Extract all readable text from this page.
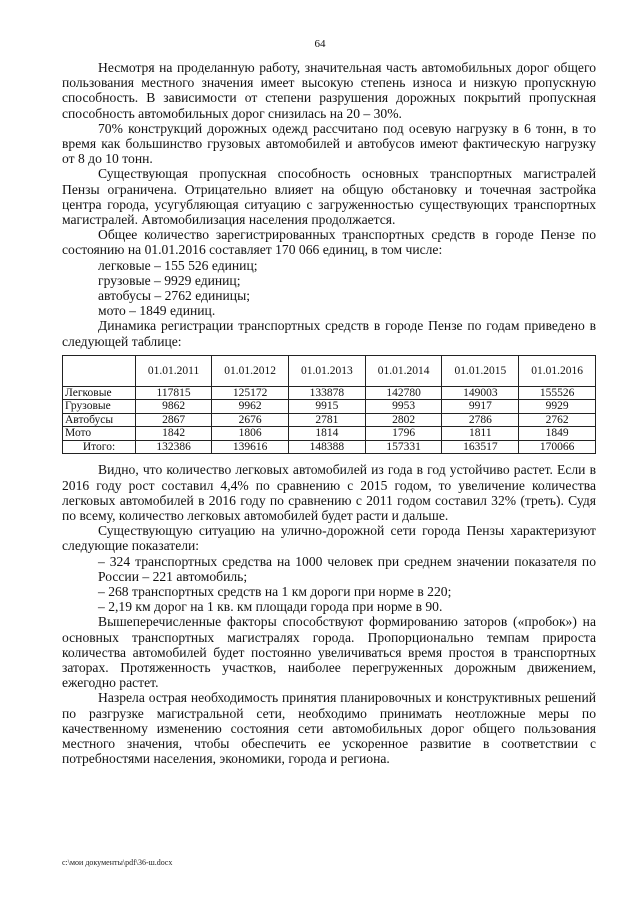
64

Несмотря на проделанную работу, значительная часть автомобильных дорог общего пользования местного значения имеет высокую степень износа и низкую пропускную способность. В зависимости от степени разрушения дорожных покрытий пропускная способность автомобильных дорог снизилась на 20 – 30%.

70% конструкций дорожных одежд рассчитано под осевую нагрузку в 6 тонн, в то время как большинство грузовых автомобилей и автобусов имеют фактическую нагрузку от 8 до 10 тонн.

Существующая пропускная способность основных транспортных магистралей Пензы ограничена. Отрицательно влияет на общую обстановку и точечная застройка центра города, усугубляющая ситуацию с загруженностью существующих транспортных магистралей. Автомобилизация населения продолжается.

Общее количество зарегистрированных транспортных средств в городе Пензе по состоянию на 01.01.2016 составляет 170 066 единиц, в том числе:

легковые – 155 526 единиц;
грузовые – 9929 единиц;
автобусы – 2762 единицы;
мото – 1849 единиц.

Динамика регистрации транспортных средств в городе Пензе по годам приведено в следующей таблице:

	01.01.2011	01.01.2012	01.01.2013	01.01.2014	01.01.2015	01.01.2016
Легковые	117815	125172	133878	142780	149003	155526
Грузовые	9862	9962	9915	9953	9917	9929
Автобусы	2867	2676	2781	2802	2786	2762
Мото	1842	1806	1814	1796	1811	1849
Итого:	132386	139616	148388	157331	163517	170066

Видно, что количество легковых автомобилей из года в год устойчиво растет. Если в 2016 году рост составил 4,4% по сравнению с 2015 годом, то увеличение количества легковых автомобилей в 2016 году по сравнению с 2011 годом составил 32% (треть). Судя по всему, количество легковых автомобилей будет расти и дальше.

Существующую ситуацию на улично-дорожной сети города Пензы характеризуют следующие показатели:

– 324 транспортных средства на 1000 человек при среднем значении показателя по России – 221 автомобиль;
– 268 транспортных средств на 1 км дороги при норме в 220;
– 2,19 км дорог на 1 кв. км площади города при норме в 90.

Вышеперечисленные факторы способствуют формированию заторов («пробок») на основных транспортных магистралях города. Пропорционально темпам прироста количества автомобилей будет постоянно увеличиваться время простоя в транспортных заторах. Протяженность участков, наиболее перегруженных дорожным движением, ежегодно растет.

Назрела острая необходимость принятия планировочных и конструктивных решений по разгрузке магистральной сети, необходимо принимать неотложные меры по качественному изменению состояния сети автомобильных дорог общего пользования местного значения, чтобы обеспечить ее ускоренное развитие в соответствии с потребностями населения, экономики, города и региона.

c:\мои документы\pdf\36-ш.docx
